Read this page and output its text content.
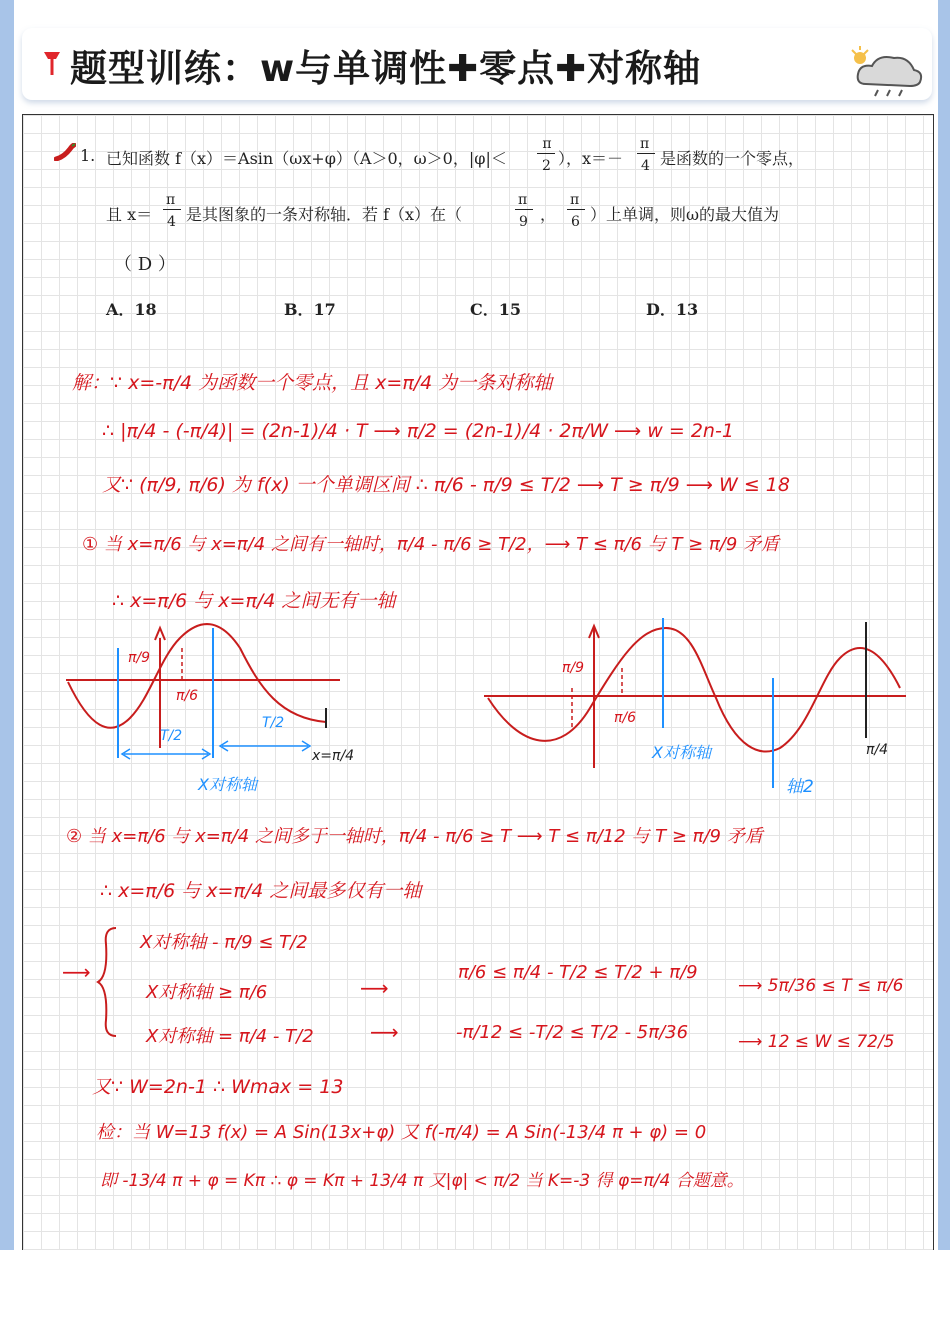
题型训练：w与单调性✚零点✚对称轴
1. 已知函数 f（x）＝Asin（ωx+φ）（A＞0，ω＞0，|φ|＜
π
2 ），x＝－
π
4 是函数的一个零点，
且 x＝
π
4 是其图象的一条对称轴．若 f（x）在（
π
9 ，
π
6 ）上单调，则ω的最大值为
（ D ）
A．18	B．17	C．15	D．13
解：∵ x=-π/4 为函数一个零点，且 x=π/4 为一条对称轴
∴ |π/4 - (-π/4)| = (2n-1)/4 · T ⟶ π/2 = (2n-1)/4 · 2π/W ⟶ w = 2n-1
又∵ (π/9, π/6) 为 f(x) 一个单调区间 ∴ π/6 - π/9 ≤ T/2 ⟶ T ≥ π/9 ⟶ W ≤ 18
① 当 x=π/6 与 x=π/4 之间有一轴时，π/4 - π/6 ≥ T/2，⟶ T ≤ π/6 与 T ≥ π/9 矛盾
∴ x=π/6 与 x=π/4 之间无有一轴
π/9
π/6
T/2
T/2
x=π/4
X对称轴
π/9
π/6
X对称轴
轴2
π/4
② 当 x=π/6 与 x=π/4 之间多于一轴时，π/4 - π/6 ≥ T ⟶ T ≤ π/12 与 T ≥ π/9 矛盾
∴ x=π/6 与 x=π/4 之间最多仅有一轴
⟶
X对称轴 - π/9 ≤ T/2
X对称轴 ≥ π/6
X对称轴 = π/4 - T/2
⟶
⟶
π/6 ≤ π/4 - T/2 ≤ T/2 + π/9
-π/12 ≤ -T/2 ≤ T/2 - 5π/36
⟶ 5π/36 ≤ T ≤ π/6
⟶ 12 ≤ W ≤ 72/5
又∵ W=2n-1 ∴ Wmax = 13
检：当 W=13 f(x) = A Sin(13x+φ) 又 f(-π/4) = A Sin(-13/4 π + φ) = 0
即 -13/4 π + φ = Kπ ∴ φ = Kπ + 13/4 π 又|φ| < π/2 当 K=-3 得 φ=π/4 合题意。
